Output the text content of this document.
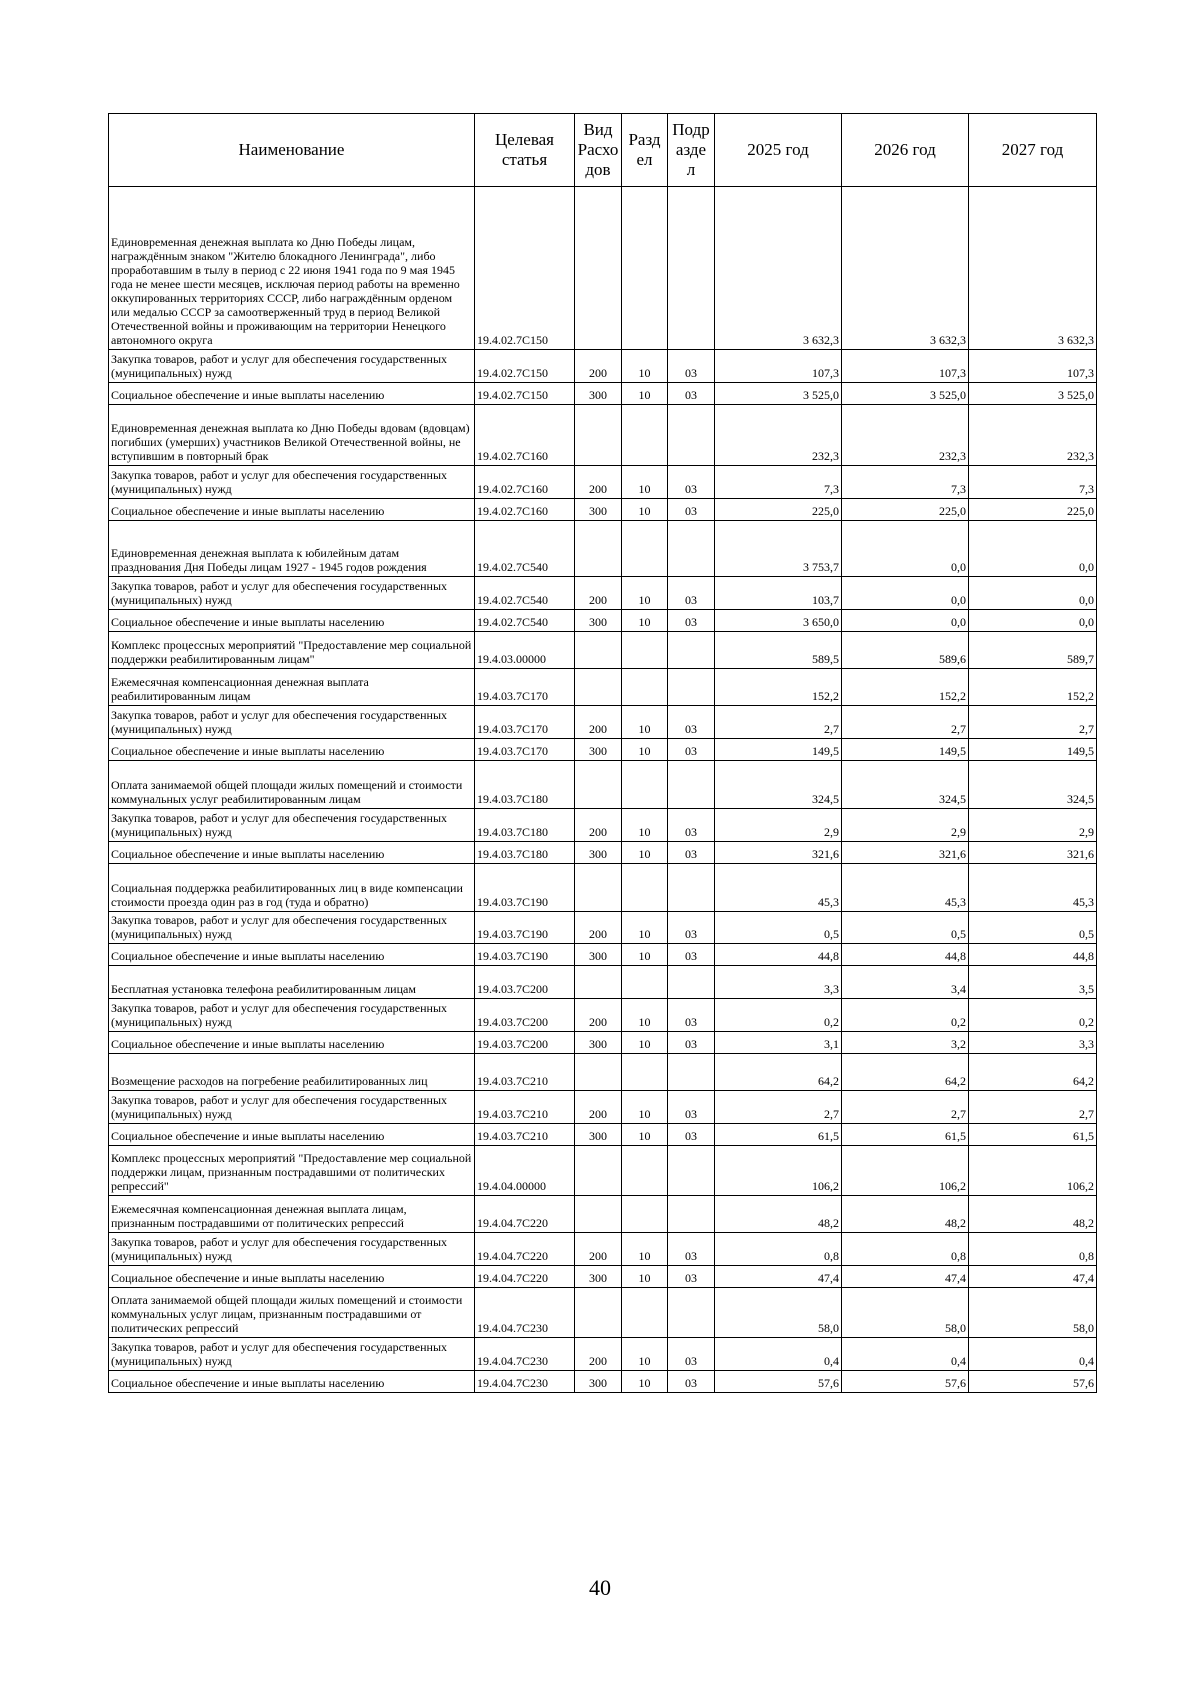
Наименование	Целевая статья	Вид Расхо дов	Разд ел	Подр азде л	2025 год	2026 год	2027 год
Единовременная денежная выплата ко Дню Победы лицам, награждённым знаком "Жителю блокадного Ленинграда", либо проработавшим в тылу в период с 22 июня 1941 года по 9 мая 1945 года не менее шести месяцев, исключая период работы на временно оккупированных территориях СССР, либо награждённым орденом или медалью СССР за самоотверженный труд в период Великой Отечественной войны и проживающим на территории Ненецкого автономного округа	19.4.02.7С150				3 632,3	3 632,3	3 632,3
Закупка товаров, работ и услуг для обеспечения государственных (муниципальных) нужд	19.4.02.7С150	200	10	03	107,3	107,3	107,3
Социальное обеспечение и иные выплаты населению	19.4.02.7С150	300	10	03	3 525,0	3 525,0	3 525,0
Единовременная денежная выплата ко Дню Победы вдовам (вдовцам) погибших (умерших) участников Великой Отечественной войны, не вступившим в повторный брак	19.4.02.7С160				232,3	232,3	232,3
Закупка товаров, работ и услуг для обеспечения государственных (муниципальных) нужд	19.4.02.7С160	200	10	03	7,3	7,3	7,3
Социальное обеспечение и иные выплаты населению	19.4.02.7С160	300	10	03	225,0	225,0	225,0
Единовременная денежная выплата к юбилейным датам празднования Дня Победы лицам 1927 - 1945 годов рождения	19.4.02.7С540				3 753,7	0,0	0,0
Закупка товаров, работ и услуг для обеспечения государственных (муниципальных) нужд	19.4.02.7С540	200	10	03	103,7	0,0	0,0
Социальное обеспечение и иные выплаты населению	19.4.02.7С540	300	10	03	3 650,0	0,0	0,0
Комплекс процессных мероприятий "Предоставление мер социальной поддержки реабилитированным лицам"	19.4.03.00000				589,5	589,6	589,7
Ежемесячная компенсационная денежная выплата реабилитированным лицам	19.4.03.7С170				152,2	152,2	152,2
Закупка товаров, работ и услуг для обеспечения государственных (муниципальных) нужд	19.4.03.7С170	200	10	03	2,7	2,7	2,7
Социальное обеспечение и иные выплаты населению	19.4.03.7С170	300	10	03	149,5	149,5	149,5
Оплата занимаемой общей площади жилых помещений и стоимости коммунальных услуг реабилитированным лицам	19.4.03.7С180				324,5	324,5	324,5
Закупка товаров, работ и услуг для обеспечения государственных (муниципальных) нужд	19.4.03.7С180	200	10	03	2,9	2,9	2,9
Социальное обеспечение и иные выплаты населению	19.4.03.7С180	300	10	03	321,6	321,6	321,6
Социальная поддержка реабилитированных лиц в виде компенсации стоимости проезда один раз в год (туда и обратно)	19.4.03.7С190				45,3	45,3	45,3
Закупка товаров, работ и услуг для обеспечения государственных (муниципальных) нужд	19.4.03.7С190	200	10	03	0,5	0,5	0,5
Социальное обеспечение и иные выплаты населению	19.4.03.7С190	300	10	03	44,8	44,8	44,8
Бесплатная установка телефона реабилитированным лицам	19.4.03.7С200				3,3	3,4	3,5
Закупка товаров, работ и услуг для обеспечения государственных (муниципальных) нужд	19.4.03.7С200	200	10	03	0,2	0,2	0,2
Социальное обеспечение и иные выплаты населению	19.4.03.7С200	300	10	03	3,1	3,2	3,3
Возмещение расходов на погребение реабилитированных лиц	19.4.03.7С210				64,2	64,2	64,2
Закупка товаров, работ и услуг для обеспечения государственных (муниципальных) нужд	19.4.03.7С210	200	10	03	2,7	2,7	2,7
Социальное обеспечение и иные выплаты населению	19.4.03.7С210	300	10	03	61,5	61,5	61,5
Комплекс процессных мероприятий "Предоставление мер социальной поддержки лицам, признанным пострадавшими от политических репрессий"	19.4.04.00000				106,2	106,2	106,2
Ежемесячная компенсационная денежная выплата лицам, признанным пострадавшими от политических репрессий	19.4.04.7С220				48,2	48,2	48,2
Закупка товаров, работ и услуг для обеспечения государственных (муниципальных) нужд	19.4.04.7С220	200	10	03	0,8	0,8	0,8
Социальное обеспечение и иные выплаты населению	19.4.04.7С220	300	10	03	47,4	47,4	47,4
Оплата занимаемой общей площади жилых помещений и стоимости коммунальных услуг лицам, признанным пострадавшими от политических репрессий	19.4.04.7С230				58,0	58,0	58,0
Закупка товаров, работ и услуг для обеспечения государственных (муниципальных) нужд	19.4.04.7С230	200	10	03	0,4	0,4	0,4
Социальное обеспечение и иные выплаты населению	19.4.04.7С230	300	10	03	57,6	57,6	57,6
40
